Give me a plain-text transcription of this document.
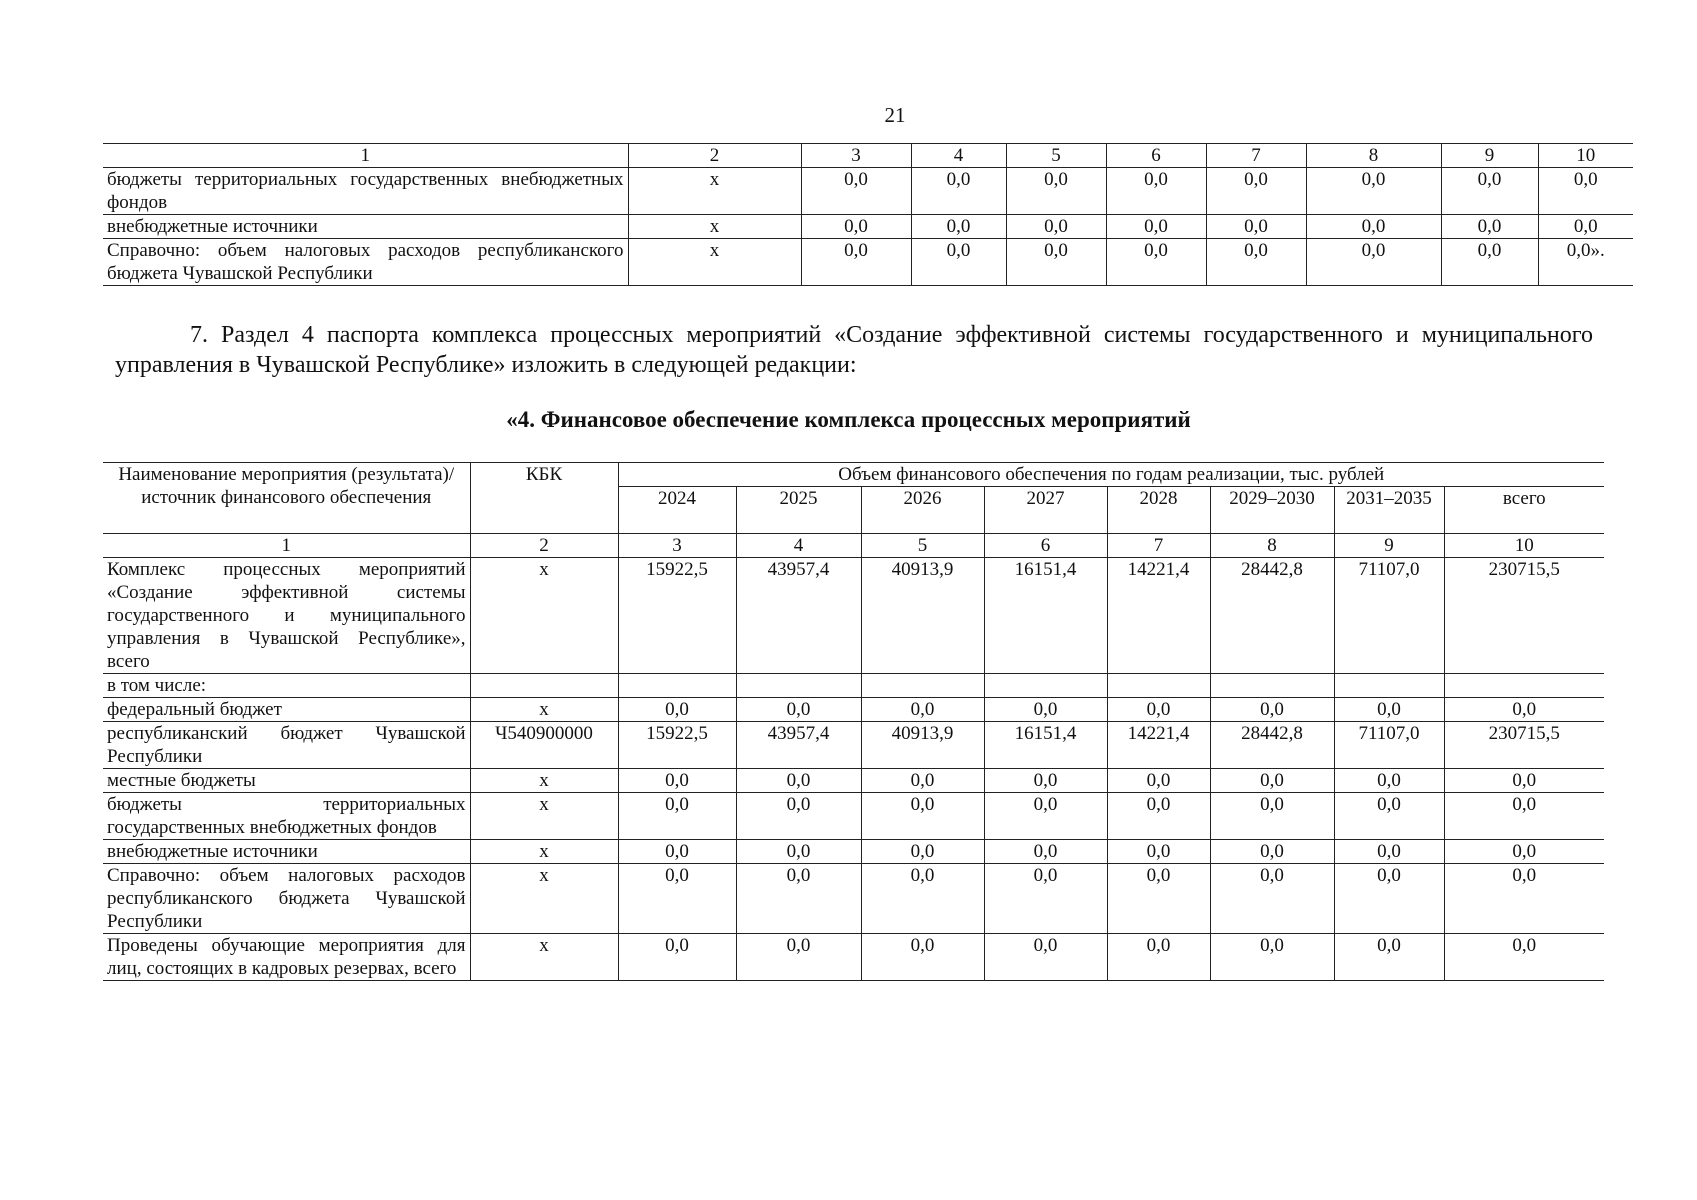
21
1	2	3	4	5	6	7	8	9	10
бюджеты территориальных государственных внебюджетных фондов	x	0,0	0,0	0,0	0,0	0,0	0,0	0,0	0,0
внебюджетные источники	x	0,0	0,0	0,0	0,0	0,0	0,0	0,0	0,0
Справочно: объем налоговых расходов республиканского бюджета Чувашской Республики	x	0,0	0,0	0,0	0,0	0,0	0,0	0,0	0,0».
7. Раздел 4 паспорта комплекса процессных мероприятий «Создание эффективной системы государственного и муниципального управления в Чувашской Республике» изложить в следующей редакции:
«4. Финансовое обеспечение комплекса процессных мероприятий
Наименование мероприятия (результата)/источник финансового обеспечения	КБК	Объем финансового обеспечения по годам реализации, тыс. рублей							
		2024	2025	2026	2027	2028	2029–2030	2031–2035	всего
1	2	3	4	5	6	7	8	9	10
Комплекс процессных мероприятий «Создание эффективной системы государственного и муниципального управления в Чувашской Республике», всего	x	15922,5	43957,4	40913,9	16151,4	14221,4	28442,8	71107,0	230715,5
в том числе:									
федеральный бюджет	x	0,0	0,0	0,0	0,0	0,0	0,0	0,0	0,0
республиканский бюджет Чувашской Республики	Ч540900000	15922,5	43957,4	40913,9	16151,4	14221,4	28442,8	71107,0	230715,5
местные бюджеты	x	0,0	0,0	0,0	0,0	0,0	0,0	0,0	0,0
бюджеты территориальных государственных внебюджетных фондов	x	0,0	0,0	0,0	0,0	0,0	0,0	0,0	0,0
внебюджетные источники	x	0,0	0,0	0,0	0,0	0,0	0,0	0,0	0,0
Справочно: объем налоговых расходов республиканского бюджета Чувашской Республики	x	0,0	0,0	0,0	0,0	0,0	0,0	0,0	0,0
Проведены обучающие мероприятия для лиц, состоящих в кадровых резервах, всего	x	0,0	0,0	0,0	0,0	0,0	0,0	0,0	0,0
